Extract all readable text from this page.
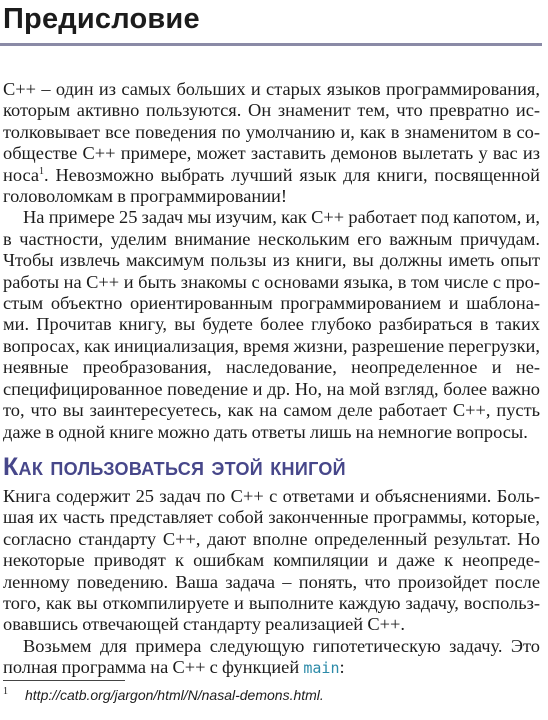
Предисловие

C++ – один из самых больших и старых языков программирования, которым активно пользуются. Он знаменит тем, что превратно истолковывает все поведения по умолчанию и, как в знаменитом в сообществе C++ примере, может заставить демонов вылетать у вас из носа$^1$. Невозможно выбрать лучший язык для книги, посвященной головоломкам в программировании!

На примере 25 задач мы изучим, как C++ работает под капотом, и, в частности, уделим внимание нескольким его важным причудам. Чтобы извлечь максимум пользы из книги, вы должны иметь опыт работы на C++ и быть знакомы с основами языка, в том числе с простым объектно ориентированным программированием и шаблонами. Прочитав книгу, вы будете более глубоко разбираться в таких вопросах, как инициализация, время жизни, разрешение перегрузки, неявные преобразования, наследование, неопределенное и неспецифицированное поведение и др. Но, на мой взгляд, более важно то, что вы заинтересуетесь, как на самом деле работает C++, пусть даже в одной книге можно дать ответы лишь на немногие вопросы.

Как пользоваться этой книгой

Книга содержит 25 задач по C++ с ответами и объяснениями. Большая их часть представляет собой законченные программы, которые, согласно стандарту C++, дают вполне определенный результат. Но некоторые приводят к ошибкам компиляции и даже к неопределенному поведению. Ваша задача – понять, что произойдет после того, как вы откомпилируете и выполните каждую задачу, воспользовавшись отвечающей стандарту реализацией C++.

Возьмем для примера следующую гипотетическую задачу. Это полная программа на C++ с функцией main:

1 http://catb.org/jargon/html/N/nasal-demons.html.
